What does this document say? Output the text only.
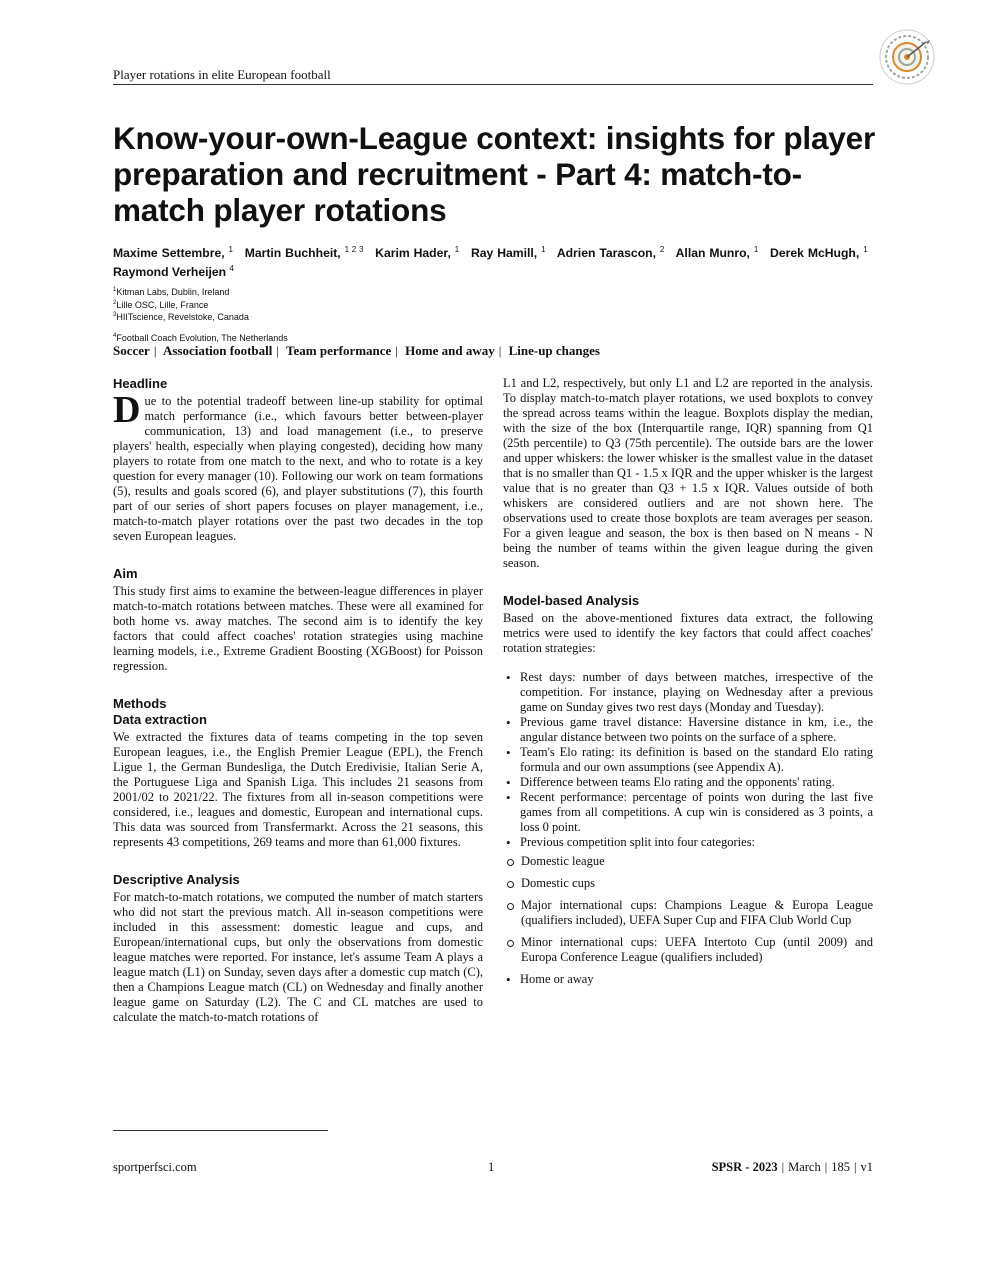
Player rotations in elite European football
Know-your-own-League context: insights for player preparation and recruitment - Part 4: match-to-match player rotations
Maxime Settembre, $^1$ Martin Buchheit, $^{1 2 3}$ Karim Hader, $^1$ Ray Hamill, $^1$ Adrien Tarascon, $^2$ Allan Munro, $^1$ Derek McHugh, $^1$   Raymond Verheijen $^4$
$^1$Kitman Labs, Dublin, Ireland
$^2$Lille OSC, Lille, France
$^3$HIITscience, Revelstoke, Canada
$^4$Football Coach Evolution, The Netherlands
Soccer | Association football | Team performance | Home and away | Line-up changes
Headline

Due to the potential tradeoff between line-up stability for optimal match performance (i.e., which favours better between-player communication, 13) and load management (i.e., to preserve players' health, especially when playing congested), deciding how many players to rotate from one match to the next, and who to rotate is a key question for every manager (10). Following our work on team formations (5), results and goals scored (6), and player substitutions (7), this fourth part of our series of short papers focuses on player management, i.e., match-to-match player rotations over the past two decades in the top seven European leagues.

Aim

This study first aims to examine the between-league differences in player match-to-match rotations between matches. These were all examined for both home vs. away matches. The second aim is to identify the key factors that could affect coaches' rotation strategies using machine learning models, i.e., Extreme Gradient Boosting (XGBoost) for Poisson regression.

Methods
Data extraction

We extracted the fixtures data of teams competing in the top seven European leagues, i.e., the English Premier League (EPL), the French Ligue 1, the German Bundesliga, the Dutch Eredivisie, Italian Serie A, the Portuguese Liga and Spanish Liga. This includes 21 seasons from 2001/02 to 2021/22. The fixtures from all in-season competitions were considered, i.e., leagues and domestic, European and international cups. This data was sourced from Transfermarkt. Across the 21 seasons, this represents 43 competitions, 269 teams and more than 61,000 fixtures.

Descriptive Analysis

For match-to-match rotations, we computed the number of match starters who did not start the previous match. All in-season competitions were included in this assessment: domestic league and cups, and European/international cups, but only the observations from domestic league matches were reported. For instance, let's assume Team A plays a league match (L1) on Sunday, seven days after a domestic cup match (C), then a Champions League match (CL) on Wednesday and finally another league game on Saturday (L2). The C and CL matches are used to calculate the match-to-match rotations of

L1 and L2, respectively, but only L1 and L2 are reported in the analysis. To display match-to-match player rotations, we used boxplots to convey the spread across teams within the league. Boxplots display the median, with the size of the box (Interquartile range, IQR) spanning from Q1 (25th percentile) to Q3 (75th percentile). The outside bars are the lower and upper whiskers: the lower whisker is the smallest value in the dataset that is no smaller than Q1 - 1.5 x IQR and the upper whisker is the largest value that is no greater than Q3 + 1.5 x IQR. Values outside of both whiskers are considered outliers and are not shown here. The observations used to create those boxplots are team averages per season. For a given league and season, the box is then based on N means - N being the number of teams within the given league during the given season.

Model-based Analysis

Based on the above-mentioned fixtures data extract, the following metrics were used to identify the key factors that could affect coaches' rotation strategies:

• Rest days: number of days between matches, irrespective of the competition. For instance, playing on Wednesday after a previous game on Sunday gives two rest days (Monday and Tuesday).
• Previous game travel distance: Haversine distance in km, i.e., the angular distance between two points on the surface of a sphere.
• Team's Elo rating: its definition is based on the standard Elo rating formula and our own assumptions (see Appendix A).
• Difference between teams Elo rating and the opponents' rating.
• Recent performance: percentage of points won during the last five games from all competitions. A cup win is considered as 3 points, a loss 0 point.
• Previous competition split into four categories:
Domestic league
Domestic cups
Major international cups: Champions League & Europa League (qualifiers included), UEFA Super Cup and FIFA Club World Cup
Minor international cups: UEFA Intertoto Cup (until 2009) and Europa Conference League (qualifiers included)
• Home or away
sportperfsci.com	1	SPSR - 2023 | March | 185 | v1
